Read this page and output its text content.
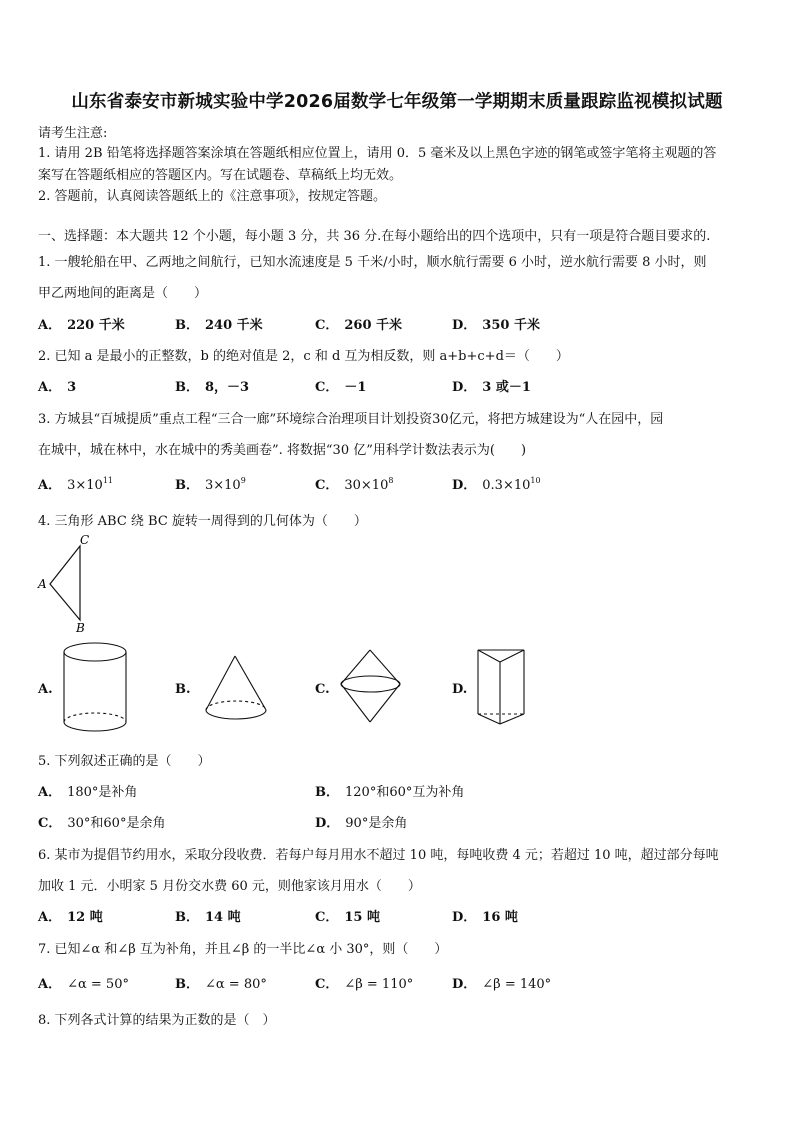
山东省泰安市新城实验中学2026届数学七年级第一学期期末质量跟踪监视模拟试题
请考生注意:
1. 请用 2B 铅笔将选择题答案涂填在答题纸相应位置上，请用 0．5 毫米及以上黑色字迹的钢笔或签字笔将主观题的答
案写在答题纸相应的答题区内。写在试题卷、草稿纸上均无效。
2. 答题前，认真阅读答题纸上的《注意事项》，按规定答题。
一、选择题：本大题共 12 个小题，每小题 3 分，共 36 分.在每小题给出的四个选项中，只有一项是符合题目要求的.
1. 一艘轮船在甲、乙两地之间航行，已知水流速度是 5 千米/小时，顺水航行需要 6 小时，逆水航行需要 8 小时，则
甲乙两地间的距离是（　　）
A． 220 千米	B． 240 千米	C． 260 千米	D． 350 千米
2. 已知 a 是最小的正整数，b 的绝对值是 2，c 和 d 互为相反数，则 a+b+c+d＝（　　）
A． 3	B． 8，－3	C． －1	D． 3 或－1
3. 方城县“百城提质”重点工程“三合一廊”环境综合治理项目计划投资30亿元，将把方城建设为“人在园中，园
在城中，城在林中，水在城中的秀美画卷”. 将数据“30 亿”用科学计数法表示为(　　)
A． $3\times 10^{11}$	B． $3\times 10^9$	C． $30\times 10^8$	D． $0.3\times 10^{10}$
4. 三角形 ABC 绕 BC 旋转一周得到的几何体为（　　）
C
A
B
A.	B.	C.	D.
5. 下列叙述正确的是（　　）
A． 180°是补角	B． 120°和60°互为补角
C． 30°和60°是余角	D． 90°是余角
6. 某市为提倡节约用水，采取分段收费．若每户每月用水不超过 10 吨，每吨收费 4 元；若超过 10 吨，超过部分每吨
加收 1 元．小明家 5 月份交水费 60 元，则他家该月用水（　　）
A． 12 吨	B． 14 吨	C． 15 吨	D． 16 吨
7. 已知∠α 和∠β 互为补角，并且∠β 的一半比∠α 小 30°，则（　　）
A． ∠α = 50°	B． ∠α = 80°	C． ∠β = 110°	D． ∠β = 140°
8. 下列各式计算的结果为正数的是（　）
